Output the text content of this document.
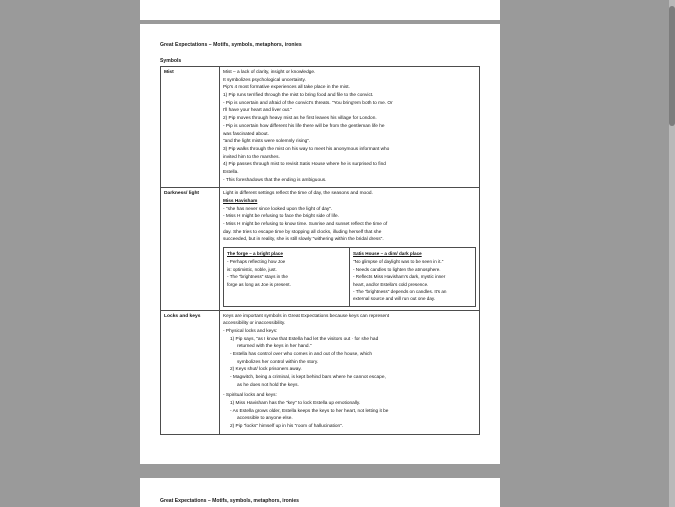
Great Expectations – Motifs, symbols, metaphors, ironies
Symbols
Mist	Mist – a lack of clarity, insight or knowledge.

It symbolizes psychological uncertainty.

Pip's 4 most formative experiences all take place in the mist.

1) Pip runs terrified through the mist to bring food and file to the convict.

- Pip is uncertain and afraid of the convict's threats. "You bring'em both to me. Or

I'll have your heart and liver out."

2) Pip moves through heavy mist as he first leaves his village for London.

- Pip is uncertain how different his life there will be from the gentleman life he

was fascinated about.

"and the light mists were solemnly rising".

3) Pip walks through the mist on his way to meet his anonymous informant who

invited him to the marshes.

4) Pip passes through mist to revisit Satis House where he is surprised to find

Estella.

- This foreshadows that the ending is ambiguous.

Darkness/ light	Light in different settings reflect the time of day, the seasons and mood.

Miss Havisham

- "she has never since looked upon the light of day".

- Miss H might be refusing to face the bright side of life.

- Miss H might be refusing to know time. Sunrise and sunset reflect the time of

day. She tries to escape time by stopping all clocks, illuding herself that she

succeeded, but in reality, she is still slowly "withering within the bridal dress".

The forge – a bright place

- Perhaps reflecting how Joe

is: optimistic, noble, just.

- The "brightness" stays in the

forge as long as Joe is present.

Satis House – a dim/ dark place

"No glimpse of daylight was to be seen in it."

- Needs candles to lighten the atmosphere.

- Reflects Miss Havisham's dark, mystic inner

heart, and/or Estella's cold presence.

- The "brightness" depends on candles. It's an

external source and will run out one day.

Locks and keys	Keys are important symbols in Great Expectations because keys can represent

accessibility or inaccessibility.

- Physical locks and keys:

1) Pip says, "as I know that Estella had let the visitors out · for she had

returned with the keys in her hand."

- Estella has control over who comes in and out of the house, which

symbolizes her control within the story.

2) Keys shut/ lock prisoners away.

- Magwitch, being a criminal, is kept behind bars where he cannot escape,

as he does not hold the keys.

- Spiritual locks and keys:

1) Miss Havisham has the "key" to lock Estella up emotionally.

- As Estella grows older, Estella keeps the keys to her heart, not letting it be

accessible to anyone else.

2) Pip "locks" himself up in his "room of hallucination".

Great Expectations – Motifs, symbols, metaphors, ironies
